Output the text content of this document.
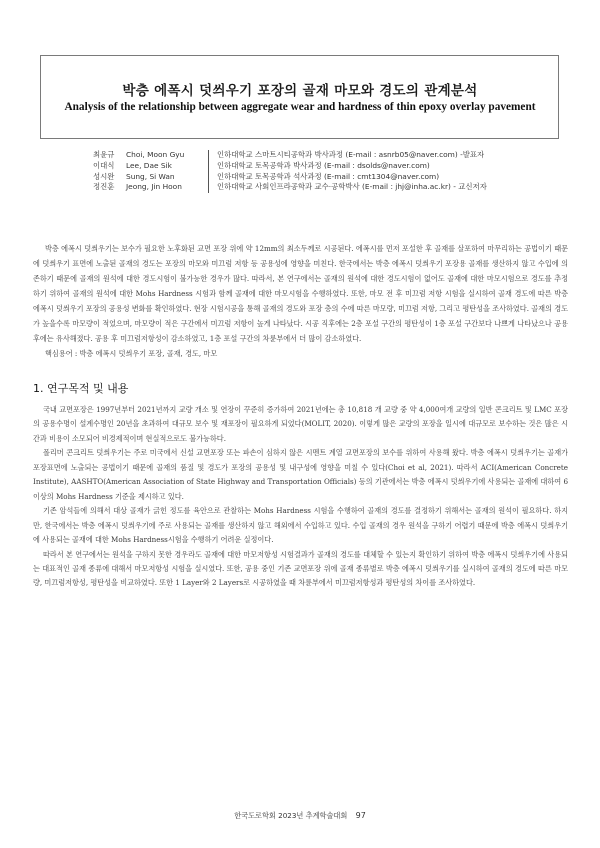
박층 에폭시 덧씌우기 포장의 골재 마모와 경도의 관계분석
Analysis of the relationship between aggregate wear and hardness of thin epoxy overlay pavement
최윤규	Choi, Moon Gyu	인하대학교 스마트시티공학과 박사과정 (E-mail : asnrb05@naver.com) -발표자
이대식	Lee, Dae Sik	인하대학교 토목공학과 박사과정 (E-mail : dsolds@naver.com)
성시완	Sung, Si Wan	인하대학교 토목공학과 석사과정 (E-mail : cmt1304@naver.com)
정진훈	Jeong, Jin Hoon	인하대학교 사회인프라공학과 교수·공학박사 (E-mail : jhj@inha.ac.kr) - 교신저자

박층 에폭시 덧씌우기는 보수가 필요한 노후화된 교면 포장 위에 약 12mm의 최소두께로 시공된다. 에폭시를 먼저 포설한 후 골재를 살포하여 마무리하는 공법이기 때문에 덧씌우기 표면에 노출된 골재의 경도는 포장의 마모와 미끄럼 저항 등 공용성에 영향을 미친다. 한국에서는 박층 에폭시 덧씌우기 포장용 골재를 생산하지 않고 수입에 의존하기 때문에 골재의 원석에 대한 경도시험이 불가능한 경우가 많다. 따라서, 본 연구에서는 골재의 원석에 대한 경도시험이 없어도 골재에 대한 마모시험으로 경도를 추정하기 위하여 골재의 원석에 대한 Mohs Hardness 시험과 함께 골재에 대한 마모시험을 수행하였다. 또한, 마모 전 후 미끄럼 저항 시험을 실시하여 골재 경도에 따른 박층 에폭시 덧씌우기 포장의 공용성 변화를 확인하였다. 현장 시험시공을 통해 골재의 경도와 포장 층의 수에 따른 마모량, 미끄럼 저항, 그리고 평탄성을 조사하였다. 골재의 경도가 높을수록 마모량이 적었으며, 마모량이 적은 구간에서 미끄럼 저항이 높게 나타났다. 시공 직후에는 2층 포설 구간의 평탄성이 1층 포설 구간보다 나쁘게 나타났으나 공용 후에는 유사해졌다. 공용 후 미끄럼저항성이 감소하였고, 1층 포설 구간의 차륜부에서 더 많이 감소하였다.

핵심용어 : 박층 에폭시 덧씌우기 포장, 골재, 경도, 마모

1. 연구목적 및 내용

국내 교면포장은 1997년부터 2021년까지 교량 개소 및 연장이 꾸준히 증가하여 2021년에는 총 10,818 개 교량 중 약 4,000여개 교량의 일반 콘크리트 및 LMC 포장의 공용수명이 설계수명인 20년을 초과하여 대규모 보수 및 재포장이 필요하게 되었다(MOLIT, 2020). 이렇게 많은 교량의 포장을 일시에 대규모로 보수하는 것은 많은 시간과 비용이 소모되어 비경제적이며 현실적으로도 불가능하다.

폴리머 콘크리트 덧씌우기는 주로 미국에서 신설 교면포장 또는 파손이 심하지 않은 시멘트 계열 교면포장의 보수를 위하여 사용해 왔다. 박층 에폭시 덧씌우기는 골재가 포장표면에 노출되는 공법이기 때문에 골재의 품질 및 경도가 포장의 공용성 및 내구성에 영향을 미칠 수 있다(Choi et al, 2021). 따라서 ACI(American Concrete Institute), AASHTO(American Association of State Highway and Transportation Officials) 등의 기관에서는 박층 에폭시 덧씌우기에 사용되는 골재에 대하여 6이상의 Mohs Hardness 기준을 제시하고 있다.

기존 암석들에 의해서 대상 골재가 긁힌 정도를 육안으로 관찰하는 Mohs Hardness 시험을 수행하여 골재의 경도를 결정하기 위해서는 골재의 원석이 필요하다. 하지만, 한국에서는 박층 에폭시 덧씌우기에 주로 사용되는 골재를 생산하지 않고 해외에서 수입하고 있다. 수입 골재의 경우 원석을 구하기 어렵기 때문에 박층 에폭시 덧씌우기에 사용되는 골재에 대한 Mohs Hardness시험을 수행하기 어려운 실정이다.

따라서 본 연구에서는 원석을 구하지 못한 경우라도 골재에 대한 마모저항성 시험결과가 골재의 경도를 대체할 수 있는지 확인하기 위하여 박층 에폭시 덧씌우기에 사용되는 대표적인 골재 종류에 대해서 마모저항성 시험을 실시였다. 또한, 공용 중인 기존 교면포장 위에 골재 종류별로 박층 에폭시 덧씌우기를 실시하여 골재의 경도에 따른 마모량, 미끄럼저항성, 평탄성을 비교하였다. 또한 1 Layer와 2 Layers로 시공하였을 때 차륜부에서 미끄럼저항성과 평탄성의 차이를 조사하였다.

한국도로학회 2023년 추계학술대회 97
